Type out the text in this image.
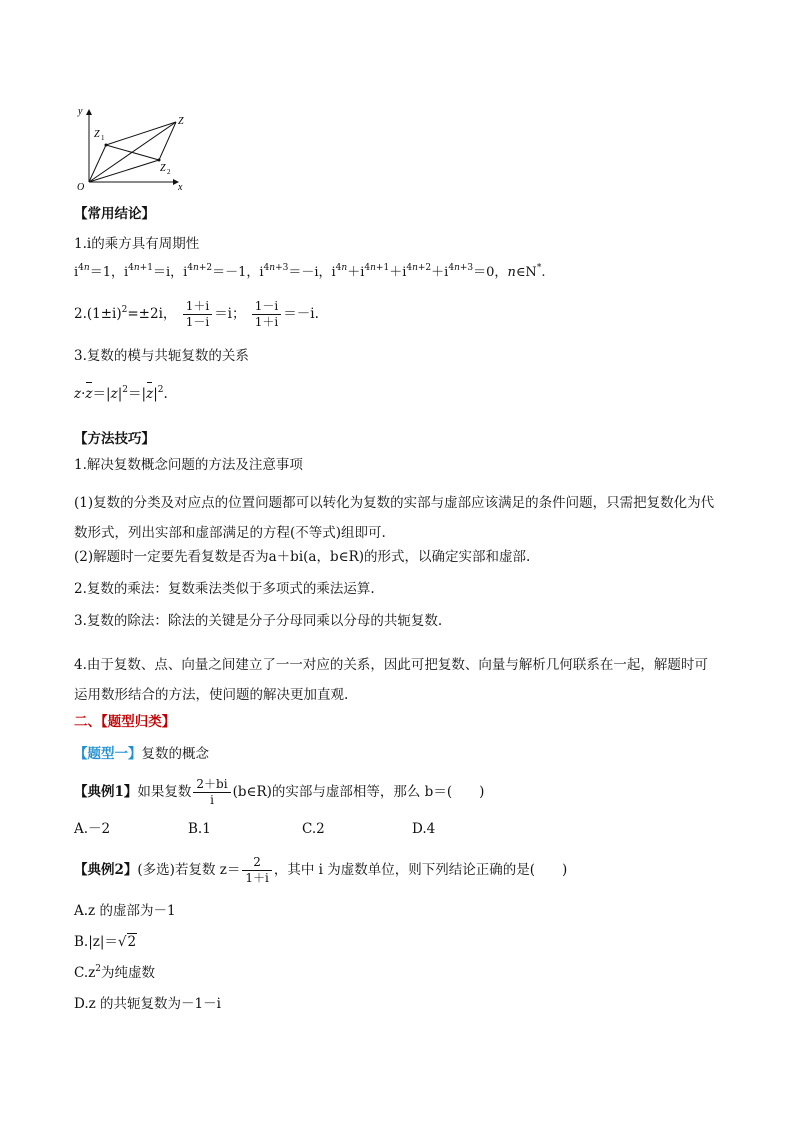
y
x
O
Z
Z 1
Z 2
【常用结论】
1.i的乘方具有周期性
$i^{4n}=1$，$i^{4n+1}=i$，$i^{4n+2}=-1$，$i^{4n+3}=-i$，$i^{4n}+i^{4n+1}+i^{4n+2}+i^{4n+3}=0$，n∈N*.
$2.(1\pm i)^2=\pm 2i$， $\frac{1+i}{1-i} =i$； $\frac{1-i}{1+i} =-i$.
3.复数的模与共轭复数的关系
$z\cdot z=|z|^2=|z|^2$.
【方法技巧】
1.解决复数概念问题的方法及注意事项
(1)复数的分类及对应点的位置问题都可以转化为复数的实部与虚部应该满足的条件问题，只需把复数化为代数形式，列出实部和虚部满足的方程(不等式)组即可.
(2)解题时一定要先看复数是否为a＋bi(a，b∈R)的形式，以确定实部和虚部.
2.复数的乘法：复数乘法类似于多项式的乘法运算.
3.复数的除法：除法的关键是分子分母同乘以分母的共轭复数.
4.由于复数、点、向量之间建立了一一对应的关系，因此可把复数、向量与解析几何联系在一起，解题时可运用数形结合的方法，使问题的解决更加直观.
二、【题型归类】
【题型一】复数的概念
【典例1】如果复数 $\frac{2+bi}{i}$ (b∈R)的实部与虚部相等，那么 b＝(　　)
A.－2	B.1	C.2	D.4
【典例2】(多选)若复数 $z= \frac{2}{1+i}$ ，其中 i 为虚数单位，则下列结论正确的是(　　)
A.z 的虚部为－1
B.|z|＝√2
$C.z^2$为纯虚数
D.z 的共轭复数为－1－i
